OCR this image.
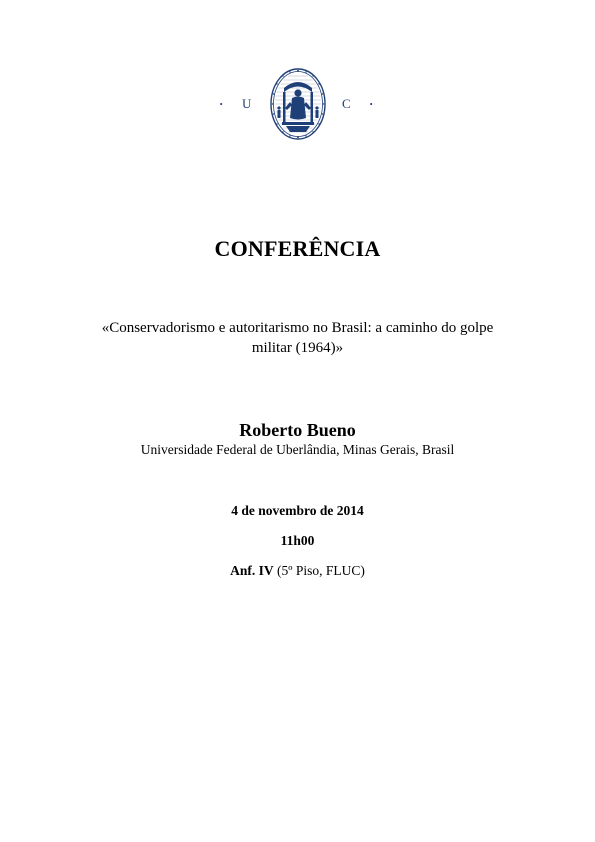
· U	C ·
CONFERÊNCIA
«Conservadorismo e autoritarismo no Brasil: a caminho do golpe militar (1964)»
Roberto Bueno
Universidade Federal de Uberlândia, Minas Gerais, Brasil
4 de novembro de 2014
11h00
Anf. IV (5º Piso, FLUC)
